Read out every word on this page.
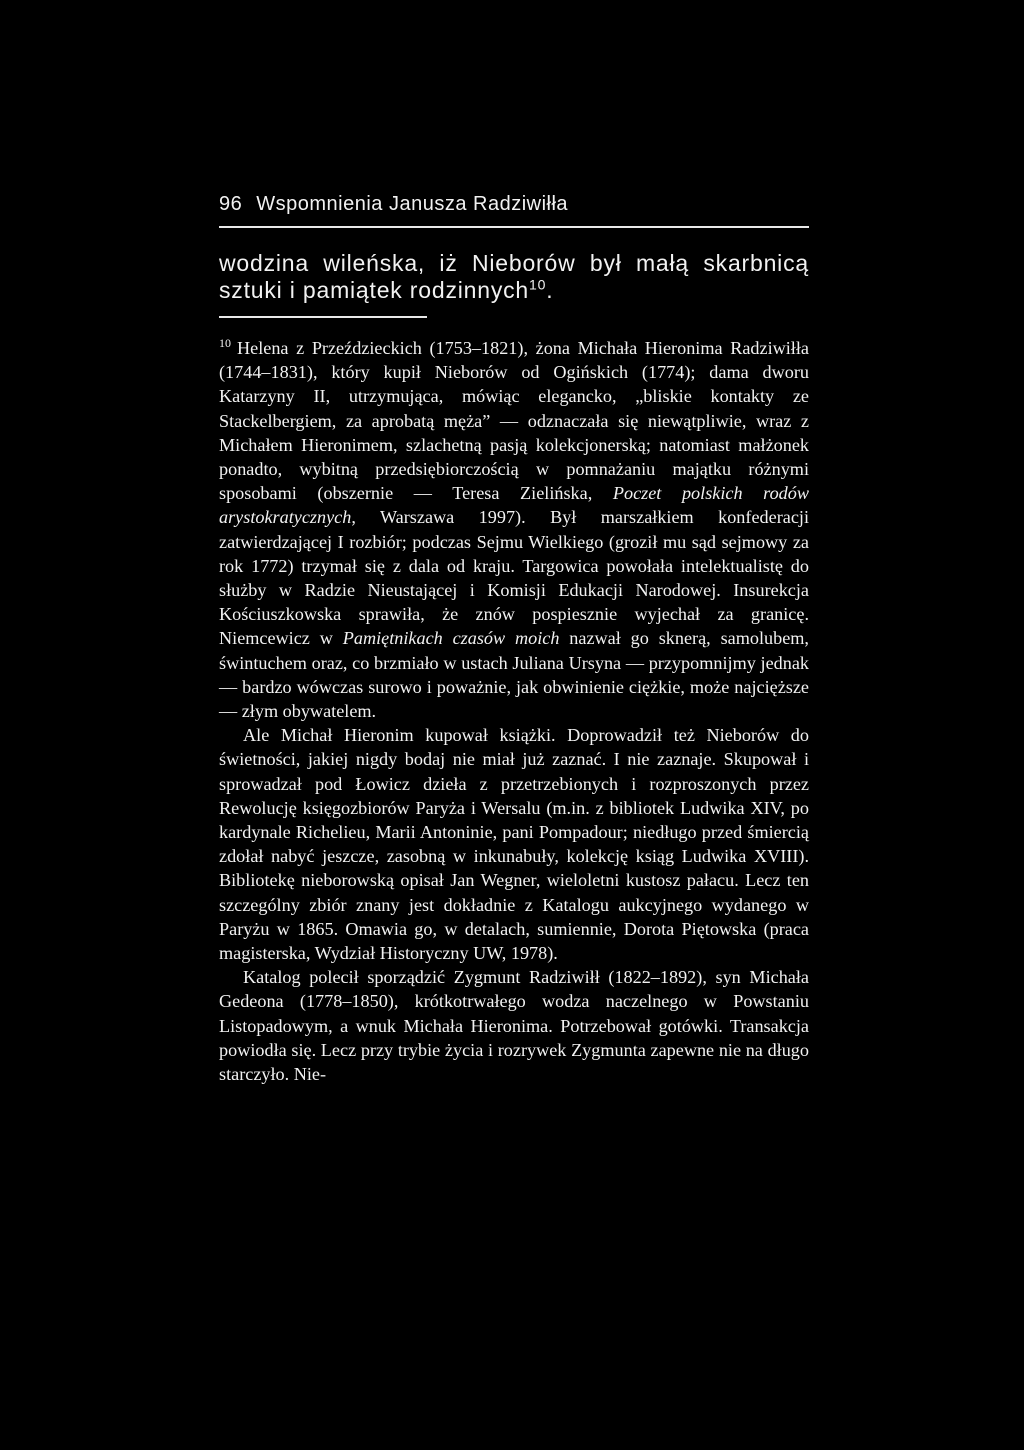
96 Wspomnienia Janusza Radziwiłła
wodzina wileńska, iż Nieborów był małą skarbnicą sztuki i pamiątek rodzinnych$^{10}$.

$^{10}$ Helena z Przeździeckich (1753–1821), żona Michała Hieronima Radziwiłła (1744–1831), który kupił Nieborów od Ogińskich (1774); dama dworu Katarzyny II, utrzymująca, mówiąc elegancko, „bliskie kontakty ze Stackelbergiem, za aprobatą męża” — odznaczała się niewątpliwie, wraz z Michałem Hieronimem, szlachetną pasją kolekcjonerską; natomiast małżonek ponadto, wybitną przedsiębiorczością w pomnażaniu majątku różnymi sposobami (obszernie — Teresa Zielińska, Poczet polskich rodów arystokratycznych, Warszawa 1997). Był marszałkiem konfederacji zatwierdzającej I rozbiór; podczas Sejmu Wielkiego (groził mu sąd sejmowy za rok 1772) trzymał się z dala od kraju. Targowica powołała intelektualistę do służby w Radzie Nieustającej i Komisji Edukacji Narodowej. Insurekcja Kościuszkowska sprawiła, że znów pospiesznie wyjechał za granicę. Niemcewicz w Pamiętnikach czasów moich nazwał go sknerą, samolubem, świntuchem oraz, co brzmiało w ustach Juliana Ursyna — przypomnijmy jednak — bardzo wówczas surowo i poważnie, jak obwinienie ciężkie, może najcięższe — złym obywatelem.

Ale Michał Hieronim kupował książki. Doprowadził też Nieborów do świetności, jakiej nigdy bodaj nie miał już zaznać. I nie zaznaje. Skupował i sprowadzał pod Łowicz dzieła z przetrzebionych i rozproszonych przez Rewolucję księgozbiorów Paryża i Wersalu (m.in. z bibliotek Ludwika XIV, po kardynale Richelieu, Marii Antoninie, pani Pompadour; niedługo przed śmiercią zdołał nabyć jeszcze, zasobną w inkunabuły, kolekcję ksiąg Ludwika XVIII). Bibliotekę nieborowską opisał Jan Wegner, wieloletni kustosz pałacu. Lecz ten szczególny zbiór znany jest dokładnie z Katalogu aukcyjnego wydanego w Paryżu w 1865. Omawia go, w detalach, sumiennie, Dorota Piętowska (praca magisterska, Wydział Historyczny UW, 1978).

Katalog polecił sporządzić Zygmunt Radziwiłł (1822–1892), syn Michała Gedeona (1778–1850), krótkotrwałego wodza naczelnego w Powstaniu Listopadowym, a wnuk Michała Hieronima. Potrzebował gotówki. Transakcja powiodła się. Lecz przy trybie życia i rozrywek Zygmunta zapewne nie na długo starczyło. Nie-
